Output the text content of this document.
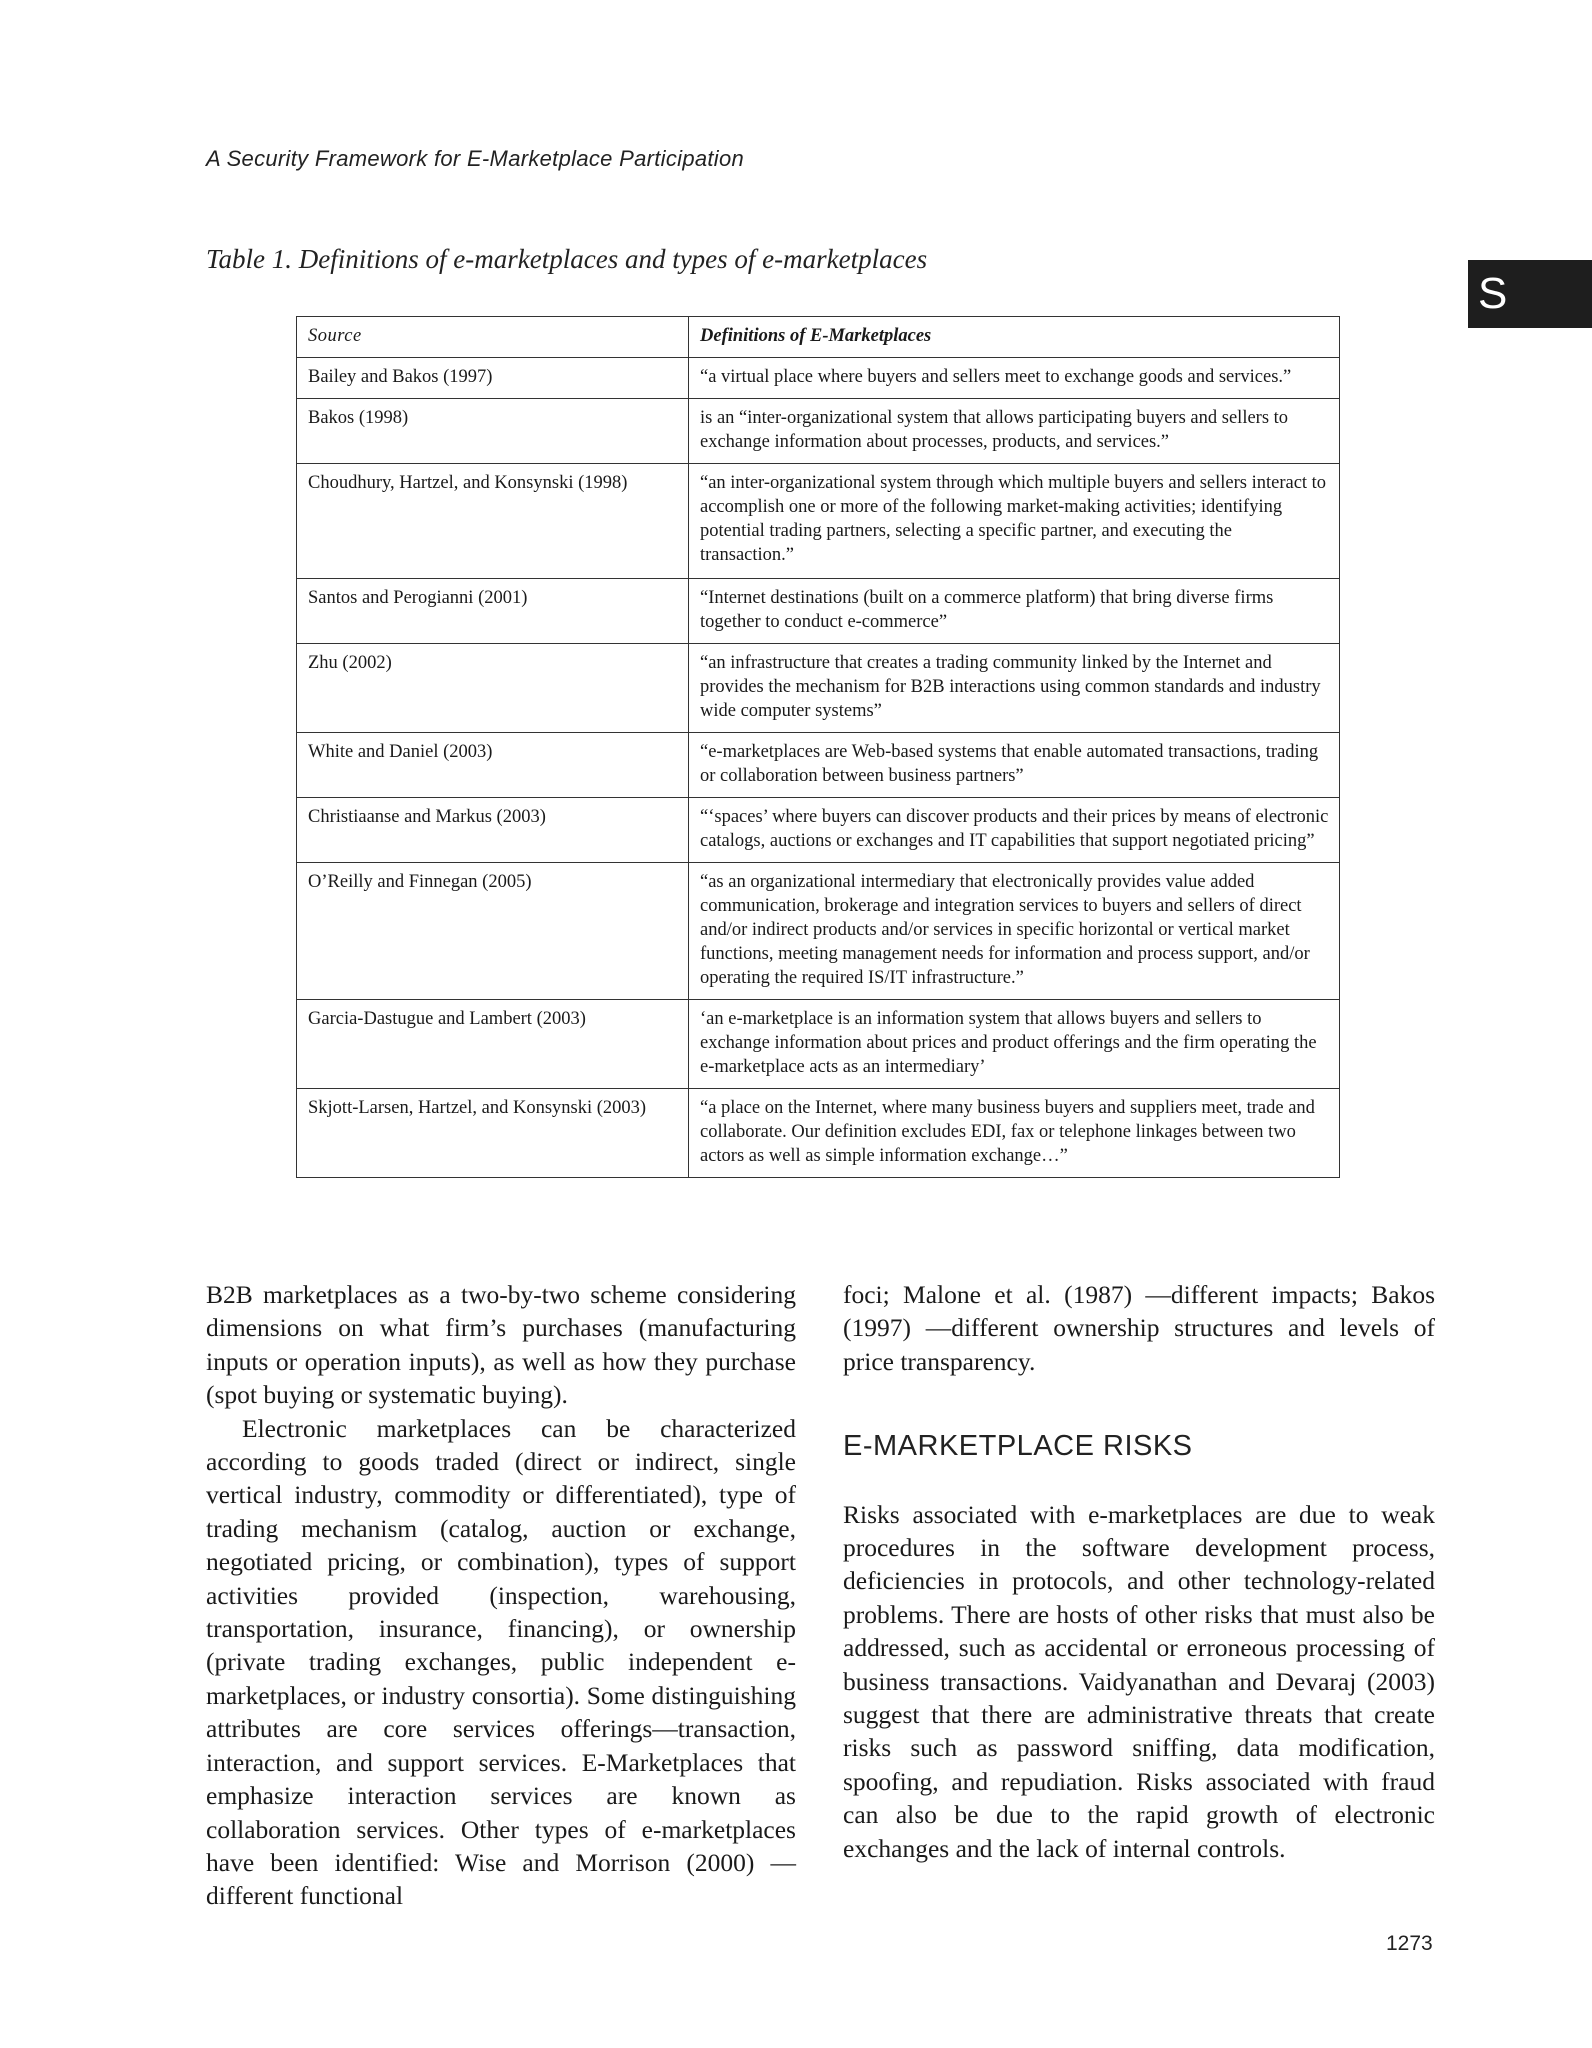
A Security Framework for E-Marketplace Participation
S
Table 1. Definitions of e-marketplaces and types of e-marketplaces
Source	Definitions of E-Marketplaces
Bailey and Bakos (1997)	“a virtual place where buyers and sellers meet to exchange goods and services.”
Bakos (1998)	is an “inter-organizational system that allows participating buyers and sellers to exchange information about processes, products, and services.”
Choudhury, Hartzel, and Konsynski (1998)	“an inter-organizational system through which multiple buyers and sellers interact to accomplish one or more of the following market-making activities; identifying potential trading partners, selecting a specific partner, and executing the transaction.”
Santos and Perogianni (2001)	“Internet destinations (built on a commerce platform) that bring diverse firms together to conduct e-commerce”
Zhu (2002)	“an infrastructure that creates a trading community linked by the Internet and provides the mechanism for B2B interactions using common standards and industry wide computer systems”
White and Daniel (2003)	“e-marketplaces are Web-based systems that enable automated transactions, trading or collaboration between business partners”
Christiaanse and Markus (2003)	“‘spaces’ where buyers can discover products and their prices by means of electronic catalogs, auctions or exchanges and IT capabilities that support negotiated pricing”
O’Reilly and Finnegan (2005)	“as an organizational intermediary that electronically provides value added communication, brokerage and integration services to buyers and sellers of direct and/or indirect products and/or services in specific horizontal or vertical market functions, meeting management needs for information and process support, and/or operating the required IS/IT infrastructure.”
Garcia-Dastugue and Lambert (2003)	‘an e-marketplace is an information system that allows buyers and sellers to exchange information about prices and product offerings and the firm operating the e-marketplace acts as an intermediary’
Skjott-Larsen, Hartzel, and Konsynski (2003)	“a place on the Internet, where many business buyers and suppliers meet, trade and collaborate. Our definition excludes EDI, fax or telephone linkages between two actors as well as simple information exchange…”

B2B marketplaces as a two-by-two scheme considering dimensions on what firm’s purchases (manufacturing inputs or operation inputs), as well as how they purchase (spot buying or systematic buying).

Electronic marketplaces can be characterized according to goods traded (direct or indirect, single vertical industry, commodity or differentiated), type of trading mechanism (catalog, auction or exchange, negotiated pricing, or combination), types of support activities provided (inspection, warehousing, transportation, insurance, financing), or ownership (private trading exchanges, public independent e-marketplaces, or industry consortia). Some distinguishing attributes are core services offerings—transaction, interaction, and support services. E-Marketplaces that emphasize interaction services are known as collaboration services. Other types of e-marketplaces have been identified: Wise and Morrison (2000) —different functional

foci; Malone et al. (1987) —different impacts; Bakos (1997) —different ownership structures and levels of price transparency.

E-MARKETPLACE RISKS

Risks associated with e-marketplaces are due to weak procedures in the software development process, deficiencies in protocols, and other technology-related problems. There are hosts of other risks that must also be addressed, such as accidental or erroneous processing of business transactions. Vaidyanathan and Devaraj (2003) suggest that there are administrative threats that create risks such as password sniffing, data modification, spoofing, and repudiation. Risks associated with fraud can also be due to the rapid growth of electronic exchanges and the lack of internal controls.

1273
